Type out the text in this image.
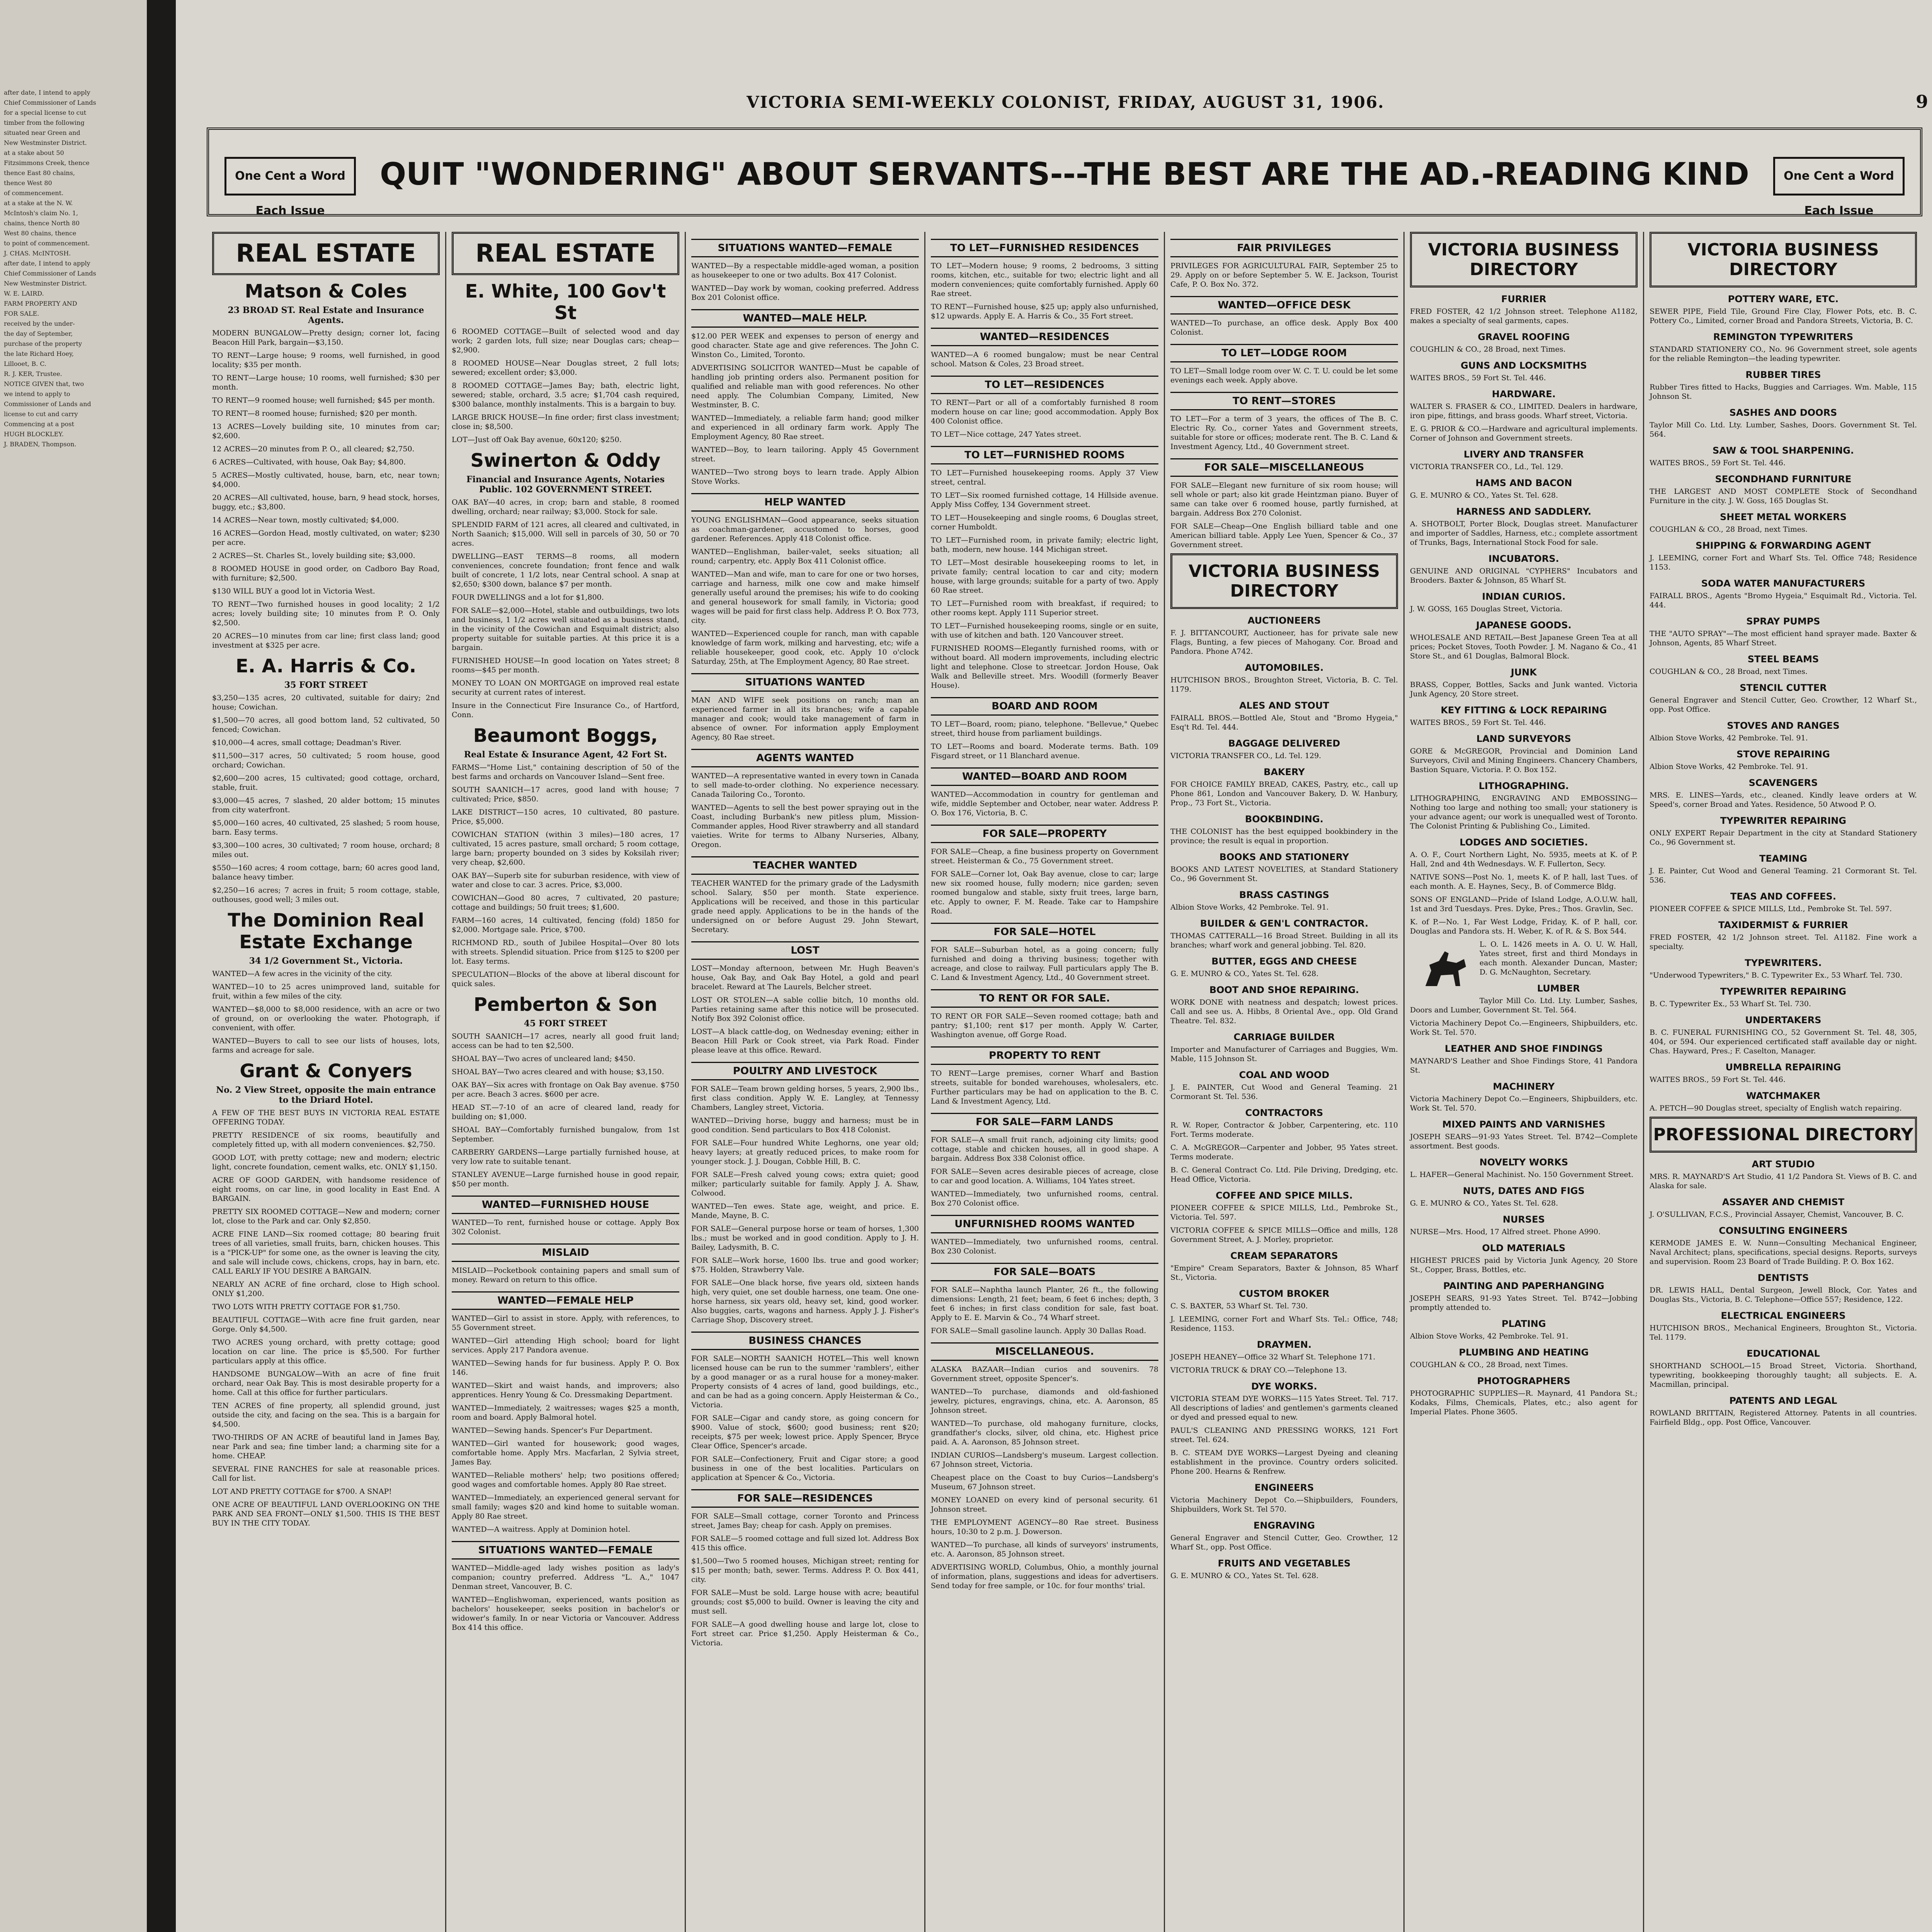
after date, I intend to apply

Chief Commissioner of Lands

for a special license to cut

timber from the following

situated near Green and

New Westminster District.

at a stake about 50

Fitzsimmons Creek, thence

thence East 80 chains,

thence West 80

of commencement.

at a stake at the N. W.

McIntosh's claim No. 1,

chains, thence North 80

West 80 chains, thence

to point of commencement.

J. CHAS. McINTOSH.

after date, I intend to apply

Chief Commissioner of Lands

New Westminster District.

W. E. LAIRD.

FARM PROPERTY AND

FOR SALE.

received by the under-

the day of September,

purchase of the property

the late Richard Hoey,

Lillooet, B. C.

R. J. KER, Trustee.

NOTICE GIVEN that, two

we intend to apply to

Commissioner of Lands and

license to cut and carry

Commencing at a post

HUGH BLOCKLEY.

J. BRADEN, Thompson.

VICTORIA SEMI-WEEKLY COLONIST, FRIDAY, AUGUST 31, 1906.	9
One Cent a Word Each Issue
QUIT "WONDERING" ABOUT SERVANTS---THE BEST ARE THE AD.-READING KIND	One Cent a Word Each Issue
REAL ESTATE
Matson & Coles
23 BROAD ST. Real Estate and Insurance Agents.

MODERN BUNGALOW—Pretty design; corner lot, facing Beacon Hill Park, bargain—$3,150.

TO RENT—Large house; 9 rooms, well furnished, in good locality; $35 per month.

TO RENT—Large house; 10 rooms, well furnished; $30 per month.

TO RENT—9 roomed house; well furnished; $45 per month.

TO RENT—8 roomed house; furnished; $20 per month.

13 ACRES—Lovely building site, 10 minutes from car; $2,600.

12 ACRES—20 minutes from P. O., all cleared; $2,750.

6 ACRES—Cultivated, with house, Oak Bay; $4,800.

5 ACRES—Mostly cultivated, house, barn, etc, near town; $4,000.

20 ACRES—All cultivated, house, barn, 9 head stock, horses, buggy, etc.; $3,800.

14 ACRES—Near town, mostly cultivated; $4,000.

16 ACRES—Gordon Head, mostly cultivated, on water; $230 per acre.

2 ACRES—St. Charles St., lovely building site; $3,000.

8 ROOMED HOUSE in good order, on Cadboro Bay Road, with furniture; $2,500.

$130 WILL BUY a good lot in Victoria West.

TO RENT—Two furnished houses in good locality; 2 1/2 acres; lovely building site; 10 minutes from P. O. Only $2,500.

20 ACRES—10 minutes from car line; first class land; good investment at $325 per acre.

E. A. Harris & Co.
35 FORT STREET

$3,250—135 acres, 20 cultivated, suitable for dairy; 2nd house; Cowichan.

$1,500—70 acres, all good bottom land, 52 cultivated, 50 fenced; Cowichan.

$10,000—4 acres, small cottage; Deadman's River.

$11,500—317 acres, 50 cultivated; 5 room house, good orchard; Cowichan.

$2,600—200 acres, 15 cultivated; good cottage, orchard, stable, fruit.

$3,000—45 acres, 7 slashed, 20 alder bottom; 15 minutes from city waterfront.

$5,000—160 acres, 40 cultivated, 25 slashed; 5 room house, barn. Easy terms.

$3,300—100 acres, 30 cultivated; 7 room house, orchard; 8 miles out.

$550—160 acres; 4 room cottage, barn; 60 acres good land, balance heavy timber.

$2,250—16 acres; 7 acres in fruit; 5 room cottage, stable, outhouses, good well; 3 miles out.

The Dominion Real Estate Exchange
34 1/2 Government St., Victoria.

WANTED—A few acres in the vicinity of the city.

WANTED—10 to 25 acres unimproved land, suitable for fruit, within a few miles of the city.

WANTED—$8,000 to $8,000 residence, with an acre or two of ground, on or overlooking the water. Photograph, if convenient, with offer.

WANTED—Buyers to call to see our lists of houses, lots, farms and acreage for sale.

Grant & Conyers
No. 2 View Street, opposite the main entrance to the Driard Hotel.

A FEW OF THE BEST BUYS IN VICTORIA REAL ESTATE OFFERING TODAY.

PRETTY RESIDENCE of six rooms, beautifully and completely fitted up, with all modern conveniences. $2,750.

GOOD LOT, with pretty cottage; new and modern; electric light, concrete foundation, cement walks, etc. ONLY $1,150.

ACRE OF GOOD GARDEN, with handsome residence of eight rooms, on car line, in good locality in East End. A BARGAIN.

PRETTY SIX ROOMED COTTAGE—New and modern; corner lot, close to the Park and car. Only $2,850.

ACRE FINE LAND—Six roomed cottage; 80 bearing fruit trees of all varieties, small fruits, barn, chicken houses. This is a "PICK-UP" for some one, as the owner is leaving the city, and sale will include cows, chickens, crops, hay in barn, etc. CALL EARLY IF YOU DESIRE A BARGAIN.

NEARLY AN ACRE of fine orchard, close to High school. ONLY $1,200.

TWO LOTS WITH PRETTY COTTAGE FOR $1,750.

BEAUTIFUL COTTAGE—With acre fine fruit garden, near Gorge. Only $4,500.

TWO ACRES young orchard, with pretty cottage; good location on car line. The price is $5,500. For further particulars apply at this office.

HANDSOME BUNGALOW—With an acre of fine fruit orchard, near Oak Bay. This is most desirable property for a home. Call at this office for further particulars.

TEN ACRES of fine property, all splendid ground, just outside the city, and facing on the sea. This is a bargain for $4,500.

TWO-THIRDS OF AN ACRE of beautiful land in James Bay, near Park and sea; fine timber land; a charming site for a home. CHEAP.

SEVERAL FINE RANCHES for sale at reasonable prices. Call for list.

LOT AND PRETTY COTTAGE for $700. A SNAP!

ONE ACRE OF BEAUTIFUL LAND OVERLOOKING ON THE PARK AND SEA FRONT—ONLY $1,500. THIS IS THE BEST BUY IN THE CITY TODAY.

REAL ESTATE
E. White, 100 Gov't St

6 ROOMED COTTAGE—Built of selected wood and day work; 2 garden lots, full size; near Douglas cars; cheap—$2,900.

8 ROOMED HOUSE—Near Douglas street, 2 full lots; sewered; excellent order; $3,000.

8 ROOMED COTTAGE—James Bay; bath, electric light, sewered; stable, orchard, 3.5 acre; $1,704 cash required, $300 balance, monthly instalments. This is a bargain to buy.

LARGE BRICK HOUSE—In fine order; first class investment; close in; $8,500.

LOT—Just off Oak Bay avenue, 60x120; $250.

Swinerton & Oddy
Financial and Insurance Agents, Notaries Public. 102 GOVERNMENT STREET.

OAK BAY—40 acres, in crop; barn and stable, 8 roomed dwelling, orchard; near railway; $3,000. Stock for sale.

SPLENDID FARM of 121 acres, all cleared and cultivated, in North Saanich; $15,000. Will sell in parcels of 30, 50 or 70 acres.

DWELLING—EAST TERMS—8 rooms, all modern conveniences, concrete foundation; front fence and walk built of concrete, 1 1/2 lots, near Central school. A snap at $2,650; $300 down, balance $7 per month.

FOUR DWELLINGS and a lot for $1,800.

FOR SALE—$2,000—Hotel, stable and outbuildings, two lots and business, 1 1/2 acres well situated as a business stand, in the vicinity of the Cowichan and Esquimalt district; also property suitable for suitable parties. At this price it is a bargain.

FURNISHED HOUSE—In good location on Yates street; 8 rooms—$45 per month.

MONEY TO LOAN ON MORTGAGE on improved real estate security at current rates of interest.

Insure in the Connecticut Fire Insurance Co., of Hartford, Conn.

Beaumont Boggs,
Real Estate & Insurance Agent, 42 Fort St.

FARMS—"Home List," containing description of 50 of the best farms and orchards on Vancouver Island—Sent free.

SOUTH SAANICH—17 acres, good land with house; 7 cultivated; Price, $850.

LAKE DISTRICT—150 acres, 10 cultivated, 80 pasture. Price, $5,000.

COWICHAN STATION (within 3 miles)—180 acres, 17 cultivated, 15 acres pasture, small orchard; 5 room cottage, large barn; property bounded on 3 sides by Koksilah river; very cheap, $2,600.

OAK BAY—Superb site for suburban residence, with view of water and close to car. 3 acres. Price, $3,000.

COWICHAN—Good 80 acres, 7 cultivated, 20 pasture; cottage and buildings; 50 fruit trees; $1,600.

FARM—160 acres, 14 cultivated, fencing (fold) 1850 for $2,000. Mortgage sale. Price, $700.

RICHMOND RD., south of Jubilee Hospital—Over 80 lots with streets. Splendid situation. Price from $125 to $200 per lot. Easy terms.

SPECULATION—Blocks of the above at liberal discount for quick sales.

Pemberton & Son
45 FORT STREET

SOUTH SAANICH—17 acres, nearly all good fruit land; access can be had to ten $2,500.

SHOAL BAY—Two acres of uncleared land; $450.

SHOAL BAY—Two acres cleared and with house; $3,150.

OAK BAY—Six acres with frontage on Oak Bay avenue. $750 per acre. Beach 3 acres. $600 per acre.

HEAD ST.—7-10 of an acre of cleared land, ready for building on; $1,000.

SHOAL BAY—Comfortably furnished bungalow, from 1st September.

CARBERRY GARDENS—Large partially furnished house, at very low rate to suitable tenant.

STANLEY AVENUE—Large furnished house in good repair, $50 per month.

WANTED—FURNISHED HOUSE

WANTED—To rent, furnished house or cottage. Apply Box 302 Colonist.

MISLAID

MISLAID—Pocketbook containing papers and small sum of money. Reward on return to this office.

WANTED—FEMALE HELP

WANTED—Girl to assist in store. Apply, with references, to 55 Government street.

WANTED—Girl attending High school; board for light services. Apply 217 Pandora avenue.

WANTED—Sewing hands for fur business. Apply P. O. Box 146.

WANTED—Skirt and waist hands, and improvers; also apprentices. Henry Young & Co. Dressmaking Department.

WANTED—Immediately, 2 waitresses; wages $25 a month, room and board. Apply Balmoral hotel.

WANTED—Sewing hands. Spencer's Fur Department.

WANTED—Girl wanted for housework; good wages, comfortable home. Apply Mrs. Macfarlan, 2 Sylvia street, James Bay.

WANTED—Reliable mothers' help; two positions offered; good wages and comfortable homes. Apply 80 Rae street.

WANTED—Immediately, an experienced general servant for small family; wages $20 and kind home to suitable woman. Apply 80 Rae street.

WANTED—A waitress. Apply at Dominion hotel.

SITUATIONS WANTED—FEMALE

WANTED—Middle-aged lady wishes position as lady's companion; country preferred. Address "L. A.," 1047 Denman street, Vancouver, B. C.

WANTED—Englishwoman, experienced, wants position as bachelors' housekeeper, seeks position in bachelor's or widower's family. In or near Victoria or Vancouver. Address Box 414 this office.

SITUATIONS WANTED—FEMALE

WANTED—By a respectable middle-aged woman, a position as housekeeper to one or two adults. Box 417 Colonist.

WANTED—Day work by woman, cooking preferred. Address Box 201 Colonist office.

WANTED—MALE HELP.

$12.00 PER WEEK and expenses to person of energy and good character. State age and give references. The John C. Winston Co., Limited, Toronto.

ADVERTISING SOLICITOR WANTED—Must be capable of handling job printing orders also. Permanent position for qualified and reliable man with good references. No other need apply. The Columbian Company, Limited, New Westminster, B. C.

WANTED—Immediately, a reliable farm hand; good milker and experienced in all ordinary farm work. Apply The Employment Agency, 80 Rae street.

WANTED—Boy, to learn tailoring. Apply 45 Government street.

WANTED—Two strong boys to learn trade. Apply Albion Stove Works.

HELP WANTED

YOUNG ENGLISHMAN—Good appearance, seeks situation as coachman-gardener, accustomed to horses, good gardener. References. Apply 418 Colonist office.

WANTED—Englishman, bailer-valet, seeks situation; all round; carpentry, etc. Apply Box 411 Colonist office.

WANTED—Man and wife, man to care for one or two horses, carriage and harness, milk one cow and make himself generally useful around the premises; his wife to do cooking and general housework for small family, in Victoria; good wages will be paid for first class help. Address P. O. Box 773, city.

WANTED—Experienced couple for ranch, man with capable knowledge of farm work, milking and harvesting, etc; wife a reliable housekeeper, good cook, etc. Apply 10 o'clock Saturday, 25th, at The Employment Agency, 80 Rae street.

SITUATIONS WANTED

MAN AND WIFE seek positions on ranch; man an experienced farmer in all its branches; wife a capable manager and cook; would take management of farm in absence of owner. For information apply Employment Agency, 80 Rae street.

AGENTS WANTED

WANTED—A representative wanted in every town in Canada to sell made-to-order clothing. No experience necessary. Canada Tailoring Co., Toronto.

WANTED—Agents to sell the best power spraying out in the Coast, including Burbank's new pitless plum, Mission-Commander apples, Hood River strawberry and all standard vaieties. Write for terms to Albany Nurseries, Albany, Oregon.

TEACHER WANTED

TEACHER WANTED for the primary grade of the Ladysmith school. Salary, $50 per month. State experience. Applications will be received, and those in this particular grade need apply. Applications to be in the hands of the undersigned on or before August 29. John Stewart, Secretary.

LOST

LOST—Monday afternoon, between Mr. Hugh Beaven's house, Oak Bay, and Oak Bay Hotel, a gold and pearl bracelet. Reward at The Laurels, Belcher street.

LOST OR STOLEN—A sable collie bitch, 10 months old. Parties retaining same after this notice will be prosecuted. Notify Box 392 Colonist office.

LOST—A black cattle-dog, on Wednesday evening; either in Beacon Hill Park or Cook street, via Park Road. Finder please leave at this office. Reward.

POULTRY AND LIVESTOCK

FOR SALE—Team brown gelding horses, 5 years, 2,900 lbs., first class condition. Apply W. E. Langley, at Tennessy Chambers, Langley street, Victoria.

WANTED—Driving horse, buggy and harness; must be in good condition. Send particulars to Box 418 Colonist.

FOR SALE—Four hundred White Leghorns, one year old; heavy layers; at greatly reduced prices, to make room for younger stock. J. J. Dougan, Cobble Hill, B. C.

FOR SALE—Fresh calved young cows; extra quiet; good milker; particularly suitable for family. Apply J. A. Shaw, Colwood.

WANTED—Ten ewes. State age, weight, and price. E. Mande, Mayne, B. C.

FOR SALE—General purpose horse or team of horses, 1,300 lbs.; must be worked and in good condition. Apply to J. H. Bailey, Ladysmith, B. C.

FOR SALE—Work horse, 1600 lbs. true and good worker; $75. Holden, Strawberry Vale.

FOR SALE—One black horse, five years old, sixteen hands high, very quiet, one set double harness, one team. One one-horse harness, six years old, heavy set, kind, good worker. Also buggies, carts, wagons and harness. Apply J. J. Fisher's Carriage Shop, Discovery street.

BUSINESS CHANCES

FOR SALE—NORTH SAANICH HOTEL—This well known licensed house can be run to the summer 'ramblers', either by a good manager or as a rural house for a money-maker. Property consists of 4 acres of land, good buildings, etc., and can be had as a going concern. Apply Heisterman & Co., Victoria.

FOR SALE—Cigar and candy store, as going concern for $900. Value of stock, $600; good business; rent $20; receipts, $75 per week; lowest price. Apply Spencer, Bryce Clear Office, Spencer's arcade.

FOR SALE—Confectionery, Fruit and Cigar store; a good business in one of the best localities. Particulars on application at Spencer & Co., Victoria.

FOR SALE—RESIDENCES

FOR SALE—Small cottage, corner Toronto and Princess street, James Bay; cheap for cash. Apply on premises.

FOR SALE—5 roomed cottage and full sized lot. Address Box 415 this office.

$1,500—Two 5 roomed houses, Michigan street; renting for $15 per month; bath, sewer. Terms. Address P. O. Box 441, city.

FOR SALE—Must be sold. Large house with acre; beautiful grounds; cost $5,000 to build. Owner is leaving the city and must sell.

FOR SALE—A good dwelling house and large lot, close to Fort street car. Price $1,250. Apply Heisterman & Co., Victoria.

TO LET—FURNISHED RESIDENCES

TO LET—Modern house; 9 rooms, 2 bedrooms, 3 sitting rooms, kitchen, etc., suitable for two; electric light and all modern conveniences; quite comfortably furnished. Apply 60 Rae street.

TO RENT—Furnished house, $25 up; apply also unfurnished, $12 upwards. Apply E. A. Harris & Co., 35 Fort street.

WANTED—RESIDENCES

WANTED—A 6 roomed bungalow; must be near Central school. Matson & Coles, 23 Broad street.

TO LET—RESIDENCES

TO RENT—Part or all of a comfortably furnished 8 room modern house on car line; good accommodation. Apply Box 400 Colonist office.

TO LET—Nice cottage, 247 Yates street.

TO LET—FURNISHED ROOMS

TO LET—Furnished housekeeping rooms. Apply 37 View street, central.

TO LET—Six roomed furnished cottage, 14 Hillside avenue. Apply Miss Coffey, 134 Government street.

TO LET—Housekeeping and single rooms, 6 Douglas street, corner Humboldt.

TO LET—Furnished room, in private family; electric light, bath, modern, new house. 144 Michigan street.

TO LET—Most desirable housekeeping rooms to let, in private family; central location to car and city; modern house, with large grounds; suitable for a party of two. Apply 60 Rae street.

TO LET—Furnished room with breakfast, if required; to other rooms kept. Apply 111 Superior street.

TO LET—Furnished housekeeping rooms, single or en suite, with use of kitchen and bath. 120 Vancouver street.

FURNISHED ROOMS—Elegantly furnished rooms, with or without board. All modern improvements, including electric light and telephone. Close to streetcar. Jordon House, Oak Walk and Belleville street. Mrs. Woodill (formerly Beaver House).

BOARD AND ROOM

TO LET—Board, room; piano, telephone. "Bellevue," Quebec street, third house from parliament buildings.

TO LET—Rooms and board. Moderate terms. Bath. 109 Fisgard street, or 11 Blanchard avenue.

WANTED—BOARD AND ROOM

WANTED—Accommodation in country for gentleman and wife, middle September and October, near water. Address P. O. Box 176, Victoria, B. C.

FOR SALE—PROPERTY

FOR SALE—Cheap, a fine business property on Government street. Heisterman & Co., 75 Government street.

FOR SALE—Corner lot, Oak Bay avenue, close to car; large new six roomed house, fully modern; nice garden; seven roomed bungalow and stable, sixty fruit trees, large barn, etc. Apply to owner, F. M. Reade. Take car to Hampshire Road.

FOR SALE—HOTEL

FOR SALE—Suburban hotel, as a going concern; fully furnished and doing a thriving business; together with acreage, and close to railway. Full particulars apply The B. C. Land & Investment Agency, Ltd., 40 Government street.

TO RENT OR FOR SALE.

TO RENT OR FOR SALE—Seven roomed cottage; bath and pantry; $1,100; rent $17 per month. Apply W. Carter, Washington avenue, off Gorge Road.

PROPERTY TO RENT

TO RENT—Large premises, corner Wharf and Bastion streets, suitable for bonded warehouses, wholesalers, etc. Further particulars may be had on application to the B. C. Land & Investment Agency, Ltd.

FOR SALE—FARM LANDS

FOR SALE—A small fruit ranch, adjoining city limits; good cottage, stable and chicken houses, all in good shape. A bargain. Address Box 338 Colonist office.

FOR SALE—Seven acres desirable pieces of acreage, close to car and good location. A. Williams, 104 Yates street.

WANTED—Immediately, two unfurnished rooms, central. Box 270 Colonist office.

UNFURNISHED ROOMS WANTED

WANTED—Immediately, two unfurnished rooms, central. Box 230 Colonist.

FOR SALE—BOATS

FOR SALE—Naphtha launch Planter, 26 ft., the following dimensions: Length, 21 feet; beam, 6 feet 6 inches; depth, 3 feet 6 inches; in first class condition for sale, fast boat. Apply to E. E. Marvin & Co., 74 Wharf street.

FOR SALE—Small gasoline launch. Apply 30 Dallas Road.

MISCELLANEOUS.

ALASKA BAZAAR—Indian curios and souvenirs. 78 Government street, opposite Spencer's.

WANTED—To purchase, diamonds and old-fashioned jewelry, pictures, engravings, china, etc. A. Aaronson, 85 Johnson street.

WANTED—To purchase, old mahogany furniture, clocks, grandfather's clocks, silver, old china, etc. Highest price paid. A. A. Aaronson, 85 Johnson street.

INDIAN CURIOS—Landsberg's museum. Largest collection. 67 Johnson street, Victoria.

Cheapest place on the Coast to buy Curios—Landsberg's Museum, 67 Johnson street.

MONEY LOANED on every kind of personal security. 61 Johnson street.

THE EMPLOYMENT AGENCY—80 Rae street. Business hours, 10:30 to 2 p.m. J. Dowerson.

WANTED—To purchase, all kinds of surveyors' instruments, etc. A. Aaronson, 85 Johnson street.

ADVERTISING WORLD, Columbus, Ohio, a monthly journal of information, plans, suggestions and ideas for advertisers. Send today for free sample, or 10c. for four months' trial.

FAIR PRIVILEGES

PRIVILEGES FOR AGRICULTURAL FAIR, September 25 to 29. Apply on or before September 5. W. E. Jackson, Tourist Cafe, P. O. Box No. 372.

WANTED—OFFICE DESK

WANTED—To purchase, an office desk. Apply Box 400 Colonist.

TO LET—LODGE ROOM

TO LET—Small lodge room over W. C. T. U. could be let some evenings each week. Apply above.

TO RENT—STORES

TO LET—For a term of 3 years, the offices of The B. C. Electric Ry. Co., corner Yates and Government streets, suitable for store or offices; moderate rent. The B. C. Land & Investment Agency, Ltd., 40 Government street.

FOR SALE—MISCELLANEOUS

FOR SALE—Elegant new furniture of six room house; will sell whole or part; also kit grade Heintzman piano. Buyer of same can take over 6 roomed house, partly furnished, at bargain. Address Box 270 Colonist.

FOR SALE—Cheap—One English billiard table and one American billiard table. Apply Lee Yuen, Spencer & Co., 37 Government street.

VICTORIA BUSINESS DIRECTORY
AUCTIONEERS

F. J. BITTANCOURT, Auctioneer, has for private sale new Flags, Bunting, a few pieces of Mahogany. Cor. Broad and Pandora. Phone A742.

AUTOMOBILES.

HUTCHISON BROS., Broughton Street, Victoria, B. C. Tel. 1179.

ALES AND STOUT

FAIRALL BROS.—Bottled Ale, Stout and "Bromo Hygeia," Esq't Rd. Tel. 444.

BAGGAGE DELIVERED

VICTORIA TRANSFER CO., Ld. Tel. 129.

BAKERY

FOR CHOICE FAMILY BREAD, CAKES, Pastry, etc., call up Phone 861, London and Vancouver Bakery, D. W. Hanbury, Prop., 73 Fort St., Victoria.

BOOKBINDING.

THE COLONIST has the best equipped bookbindery in the province; the result is equal in proportion.

BOOKS AND STATIONERY

BOOKS AND LATEST NOVELTIES, at Standard Stationery Co., 96 Government St.

BRASS CASTINGS

Albion Stove Works, 42 Pembroke. Tel. 91.

BUILDER & GEN'L CONTRACTOR.

THOMAS CATTERALL—16 Broad Street. Building in all its branches; wharf work and general jobbing. Tel. 820.

BUTTER, EGGS AND CHEESE

G. E. MUNRO & CO., Yates St. Tel. 628.

BOOT AND SHOE REPAIRING.

WORK DONE with neatness and despatch; lowest prices. Call and see us. A. Hibbs, 8 Oriental Ave., opp. Old Grand Theatre. Tel. 832.

CARRIAGE BUILDER

Importer and Manufacturer of Carriages and Buggies, Wm. Mable, 115 Johnson St.

COAL AND WOOD

J. E. PAINTER, Cut Wood and General Teaming. 21 Cormorant St. Tel. 536.

CONTRACTORS

R. W. Roper, Contractor & Jobber, Carpentering, etc. 110 Fort. Terms moderate.

C. A. McGREGOR—Carpenter and Jobber, 95 Yates street. Terms moderate.

B. C. General Contract Co. Ltd. Pile Driving, Dredging, etc. Head Office, Victoria.

COFFEE AND SPICE MILLS.

PIONEER COFFEE & SPICE MILLS, Ltd., Pembroke St., Victoria. Tel. 597.

VICTORIA COFFEE & SPICE MILLS—Office and mills, 128 Government Street, A. J. Morley, proprietor.

CREAM SEPARATORS

"Empire" Cream Separators, Baxter & Johnson, 85 Wharf St., Victoria.

CUSTOM BROKER

C. S. BAXTER, 53 Wharf St. Tel. 730.

J. LEEMING, corner Fort and Wharf Sts. Tel.: Office, 748; Residence, 1153.

DRAYMEN.

JOSEPH HEANEY—Office 32 Wharf St. Telephone 171.

VICTORIA TRUCK & DRAY CO.—Telephone 13.

DYE WORKS.

VICTORIA STEAM DYE WORKS—115 Yates Street. Tel. 717. All descriptions of ladies' and gentlemen's garments cleaned or dyed and pressed equal to new.

PAUL'S CLEANING AND PRESSING WORKS, 121 Fort street. Tel. 624.

B. C. STEAM DYE WORKS—Largest Dyeing and cleaning establishment in the province. Country orders solicited. Phone 200. Hearns & Renfrew.

ENGINEERS

Victoria Machinery Depot Co.—Shipbuilders, Founders, Shipbuilders, Work St. Tel 570.

ENGRAVING

General Engraver and Stencil Cutter, Geo. Crowther, 12 Wharf St., opp. Post Office.

FRUITS AND VEGETABLES

G. E. MUNRO & CO., Yates St. Tel. 628.

VICTORIA BUSINESS DIRECTORY
FURRIER

FRED FOSTER, 42 1/2 Johnson street. Telephone A1182, makes a specialty of seal garments, capes.

GRAVEL ROOFING

COUGHLIN & CO., 28 Broad, next Times.

GUNS AND LOCKSMITHS

WAITES BROS., 59 Fort St. Tel. 446.

HARDWARE.

WALTER S. FRASER & CO., LIMITED. Dealers in hardware, iron pipe, fittings, and brass goods. Wharf street, Victoria.

E. G. PRIOR & CO.—Hardware and agricultural implements. Corner of Johnson and Government streets.

LIVERY AND TRANSFER

VICTORIA TRANSFER CO., Ld., Tel. 129.

HAMS AND BACON

G. E. MUNRO & CO., Yates St. Tel. 628.

HARNESS AND SADDLERY.

A. SHOTBOLT, Porter Block, Douglas street. Manufacturer and importer of Saddles, Harness, etc.; complete assortment of Trunks, Bags, International Stock Food for sale.

INCUBATORS.

GENUINE AND ORIGINAL "CYPHERS" Incubators and Brooders. Baxter & Johnson, 85 Wharf St.

INDIAN CURIOS.

J. W. GOSS, 165 Douglas Street, Victoria.

JAPANESE GOODS.

WHOLESALE AND RETAIL—Best Japanese Green Tea at all prices; Pocket Stoves, Tooth Powder. J. M. Nagano & Co., 41 Store St., and 61 Douglas, Balmoral Block.

JUNK

BRASS, Copper, Bottles, Sacks and Junk wanted. Victoria Junk Agency, 20 Store street.

KEY FITTING & LOCK REPAIRING

WAITES BROS., 59 Fort St. Tel. 446.

LAND SURVEYORS

GORE & McGREGOR, Provincial and Dominion Land Surveyors, Civil and Mining Engineers. Chancery Chambers, Bastion Square, Victoria. P. O. Box 152.

LITHOGRAPHING.

LITHOGRAPHING, ENGRAVING AND EMBOSSING—Nothing too large and nothing too small; your stationery is your advance agent; our work is unequalled west of Toronto. The Colonist Printing & Publishing Co., Limited.

LODGES AND SOCIETIES.

A. O. F., Court Northern Light, No. 5935, meets at K. of P. Hall, 2nd and 4th Wednesdays. W. F. Fullerton, Secy.

NATIVE SONS—Post No. 1, meets K. of P. hall, last Tues. of each month. A. E. Haynes, Secy., B. of Commerce Bldg.

SONS OF ENGLAND—Pride of Island Lodge, A.O.U.W. hall, 1st and 3rd Tuesdays. Pres. Dyke, Pres.; Thos. Gravlin, Sec.

K. of P.—No. 1, Far West Lodge, Friday, K. of P. hall, cor. Douglas and Pandora sts. H. Weber, K. of R. & S. Box 544.

L. O. L. 1426 meets in A. O. U. W. Hall, Yates street, first and third Mondays in each month. Alexander Duncan, Master; D. G. McNaughton, Secretary.

LUMBER

Taylor Mill Co. Ltd. Lty. Lumber, Sashes, Doors and Lumber, Government St. Tel. 564.

Victoria Machinery Depot Co.—Engineers, Shipbuilders, etc. Work St. Tel. 570.

LEATHER AND SHOE FINDINGS

MAYNARD'S Leather and Shoe Findings Store, 41 Pandora St.

MACHINERY

Victoria Machinery Depot Co.—Engineers, Shipbuilders, etc. Work St. Tel. 570.

MIXED PAINTS AND VARNISHES

JOSEPH SEARS—91-93 Yates Street. Tel. B742—Complete assortment. Best goods.

NOVELTY WORKS

L. HAFER—General Machinist. No. 150 Government Street.

NUTS, DATES AND FIGS

G. E. MUNRO & CO., Yates St. Tel. 628.

NURSES

NURSE—Mrs. Hood, 17 Alfred street. Phone A990.

OLD MATERIALS

HIGHEST PRICES paid by Victoria Junk Agency, 20 Store St., Copper, Brass, Bottles, etc.

PAINTING AND PAPERHANGING

JOSEPH SEARS, 91-93 Yates Street. Tel. B742—Jobbing promptly attended to.

PLATING

Albion Stove Works, 42 Pembroke. Tel. 91.

PLUMBING AND HEATING

COUGHLAN & CO., 28 Broad, next Times.

PHOTOGRAPHERS

PHOTOGRAPHIC SUPPLIES—R. Maynard, 41 Pandora St.; Kodaks, Films, Chemicals, Plates, etc.; also agent for Imperial Plates. Phone 3605.

VICTORIA BUSINESS DIRECTORY
POTTERY WARE, ETC.

SEWER PIPE, Field Tile, Ground Fire Clay, Flower Pots, etc. B. C. Pottery Co., Limited, corner Broad and Pandora Streets, Victoria, B. C.

REMINGTON TYPEWRITERS

STANDARD STATIONERY CO., No. 96 Government street, sole agents for the reliable Remington—the leading typewriter.

RUBBER TIRES

Rubber Tires fitted to Hacks, Buggies and Carriages. Wm. Mable, 115 Johnson St.

SASHES AND DOORS

Taylor Mill Co. Ltd. Lty. Lumber, Sashes, Doors. Government St. Tel. 564.

SAW & TOOL SHARPENING.

WAITES BROS., 59 Fort St. Tel. 446.

SECONDHAND FURNITURE

THE LARGEST AND MOST COMPLETE Stock of Secondhand Furniture in the city. J. W. Goss, 165 Douglas St.

SHEET METAL WORKERS

COUGHLAN & CO., 28 Broad, next Times.

SHIPPING & FORWARDING AGENT

J. LEEMING, corner Fort and Wharf Sts. Tel. Office 748; Residence 1153.

SODA WATER MANUFACTURERS

FAIRALL BROS., Agents "Bromo Hygeia," Esquimalt Rd., Victoria. Tel. 444.

SPRAY PUMPS

THE "AUTO SPRAY"—The most efficient hand sprayer made. Baxter & Johnson, Agents, 85 Wharf Street.

STEEL BEAMS

COUGHLAN & CO., 28 Broad, next Times.

STENCIL CUTTER

General Engraver and Stencil Cutter, Geo. Crowther, 12 Wharf St., opp. Post Office.

STOVES AND RANGES

Albion Stove Works, 42 Pembroke. Tel. 91.

STOVE REPAIRING

Albion Stove Works, 42 Pembroke. Tel. 91.

SCAVENGERS

MRS. E. LINES—Yards, etc., cleaned. Kindly leave orders at W. Speed's, corner Broad and Yates. Residence, 50 Atwood P. O.

TYPEWRITER REPAIRING

ONLY EXPERT Repair Department in the city at Standard Stationery Co., 96 Government st.

TEAMING

J. E. Painter, Cut Wood and General Teaming. 21 Cormorant St. Tel. 536.

TEAS AND COFFEES.

PIONEER COFFEE & SPICE MILLS, Ltd., Pembroke St. Tel. 597.

TAXIDERMIST & FURRIER

FRED FOSTER, 42 1/2 Johnson street. Tel. A1182. Fine work a specialty.

TYPEWRITERS.

"Underwood Typewriters," B. C. Typewriter Ex., 53 Wharf. Tel. 730.

TYPEWRITER REPAIRING

B. C. Typewriter Ex., 53 Wharf St. Tel. 730.

UNDERTAKERS

B. C. FUNERAL FURNISHING CO., 52 Government St. Tel. 48, 305, 404, or 594. Our experienced certificated staff available day or night. Chas. Hayward, Pres.; F. Caselton, Manager.

UMBRELLA REPAIRING

WAITES BROS., 59 Fort St. Tel. 446.

WATCHMAKER

A. PETCH—90 Douglas street, specialty of English watch repairing.

PROFESSIONAL DIRECTORY
ART STUDIO

MRS. R. MAYNARD'S Art Studio, 41 1/2 Pandora St. Views of B. C. and Alaska for sale.

ASSAYER AND CHEMIST

J. O'SULLIVAN, F.C.S., Provincial Assayer, Chemist, Vancouver, B. C.

CONSULTING ENGINEERS

KERMODE JAMES E. W. Nunn—Consulting Mechanical Engineer, Naval Architect; plans, specifications, special designs. Reports, surveys and supervision. Room 23 Board of Trade Building. P. O. Box 162.

DENTISTS

DR. LEWIS HALL, Dental Surgeon, Jewell Block, Cor. Yates and Douglas Sts., Victoria, B. C. Telephone—Office 557; Residence, 122.

ELECTRICAL ENGINEERS

HUTCHISON BROS., Mechanical Engineers, Broughton St., Victoria. Tel. 1179.

EDUCATIONAL

SHORTHAND SCHOOL—15 Broad Street, Victoria. Shorthand, typewriting, bookkeeping thoroughly taught; all subjects. E. A. Macmillan, principal.

PATENTS AND LEGAL

ROWLAND BRITTAIN, Registered Attorney. Patents in all countries. Fairfield Bldg., opp. Post Office, Vancouver.
